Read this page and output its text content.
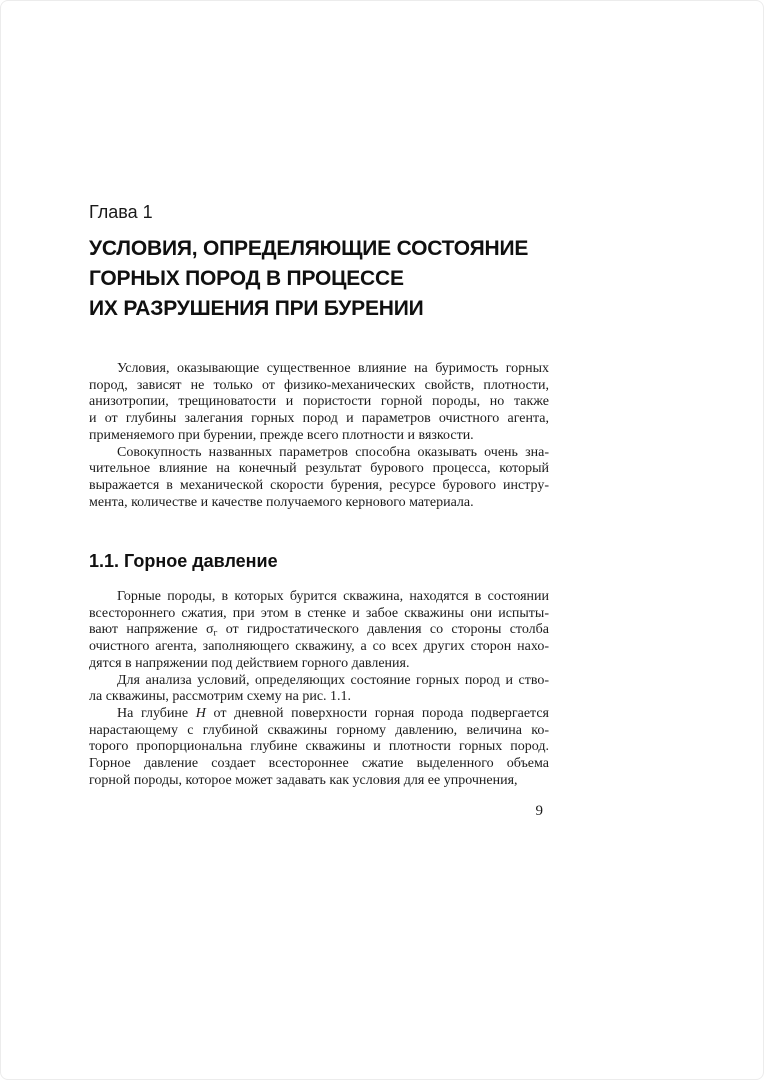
Глава 1
УСЛОВИЯ, ОПРЕДЕЛЯЮЩИЕ СОСТОЯНИЕ
ГОРНЫХ ПОРОД В ПРОЦЕССЕ
ИХ РАЗРУШЕНИЯ ПРИ БУРЕНИИ
Условия, оказывающие существенное влияние на буримость горных
пород, зависят не только от физико-механических свойств, плотности,
анизотропии, трещиноватости и пористости горной породы, но также
и от глубины залегания горных пород и параметров очистного агента,
применяемого при бурении, прежде всего плотности и вязкости.
Совокупность названных параметров способна оказывать очень зна-
чительное влияние на конечный результат бурового процесса, который
выражается в механической скорости бурения, ресурсе бурового инстру-
мента, количестве и качестве получаемого кернового материала.
1.1. Горное давление
Горные породы, в которых бурится скважина, находятся в состоянии
всестороннего сжатия, при этом в стенке и забое скважины они испыты-
вают напряжение $\sigma_г$ от гидростатического давления со стороны столба
очистного агента, заполняющего скважину, а со всех других сторон нахо-
дятся в напряжении под действием горного давления.
Для анализа условий, определяющих состояние горных пород и ство-
ла скважины, рассмотрим схему на рис. 1.1.
На глубине H от дневной поверхности горная порода подвергается
нарастающему с глубиной скважины горному давлению, величина ко-
торого пропорциональна глубине скважины и плотности горных пород.
Горное давление создает всестороннее сжатие выделенного объема
горной породы, которое может задавать как условия для ее упрочнения,
9
